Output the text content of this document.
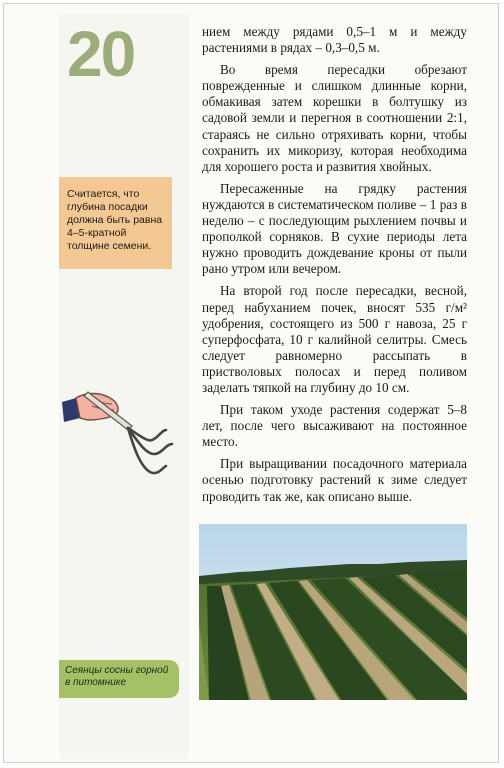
20
Считается, что глубина посадки должна быть равна 4–5-кратной толщине семени.
Сеянцы сосны горной в питомнике

нием между рядами 0,5–1 м и между растениями в рядах – 0,3–0,5 м.

Во время пересадки обрезают поврежденные и слишком длинные корни, обмакивая затем корешки в болтушку из садовой земли и перегноя в соотношении 2:1, стараясь не сильно отряхивать корни, чтобы сохранить их микоризу, которая необходима для хорошего роста и развития хвойных.

Пересаженные на грядку растения нуждаются в систематическом поливе – 1 раз в неделю – с последующим рыхлением почвы и прополкой сорняков. В сухие периоды лета нужно проводить дождевание кроны от пыли рано утром или вечером.

На второй год после пересадки, весной, перед набуханием почек, вносят 535 г/м² удобрения, состоящего из 500 г навоза, 25 г суперфосфата, 10 г калийной селитры. Смесь следует равномерно рассыпать в пристволовых полосах и перед поливом заделать тяпкой на глубину до 10 см.

При таком уходе растения содержат 5–8 лет, после чего высаживают на постоянное место.

При выращивании посадочного материала осенью подготовку растений к зиме следует проводить так же, как описано выше.
